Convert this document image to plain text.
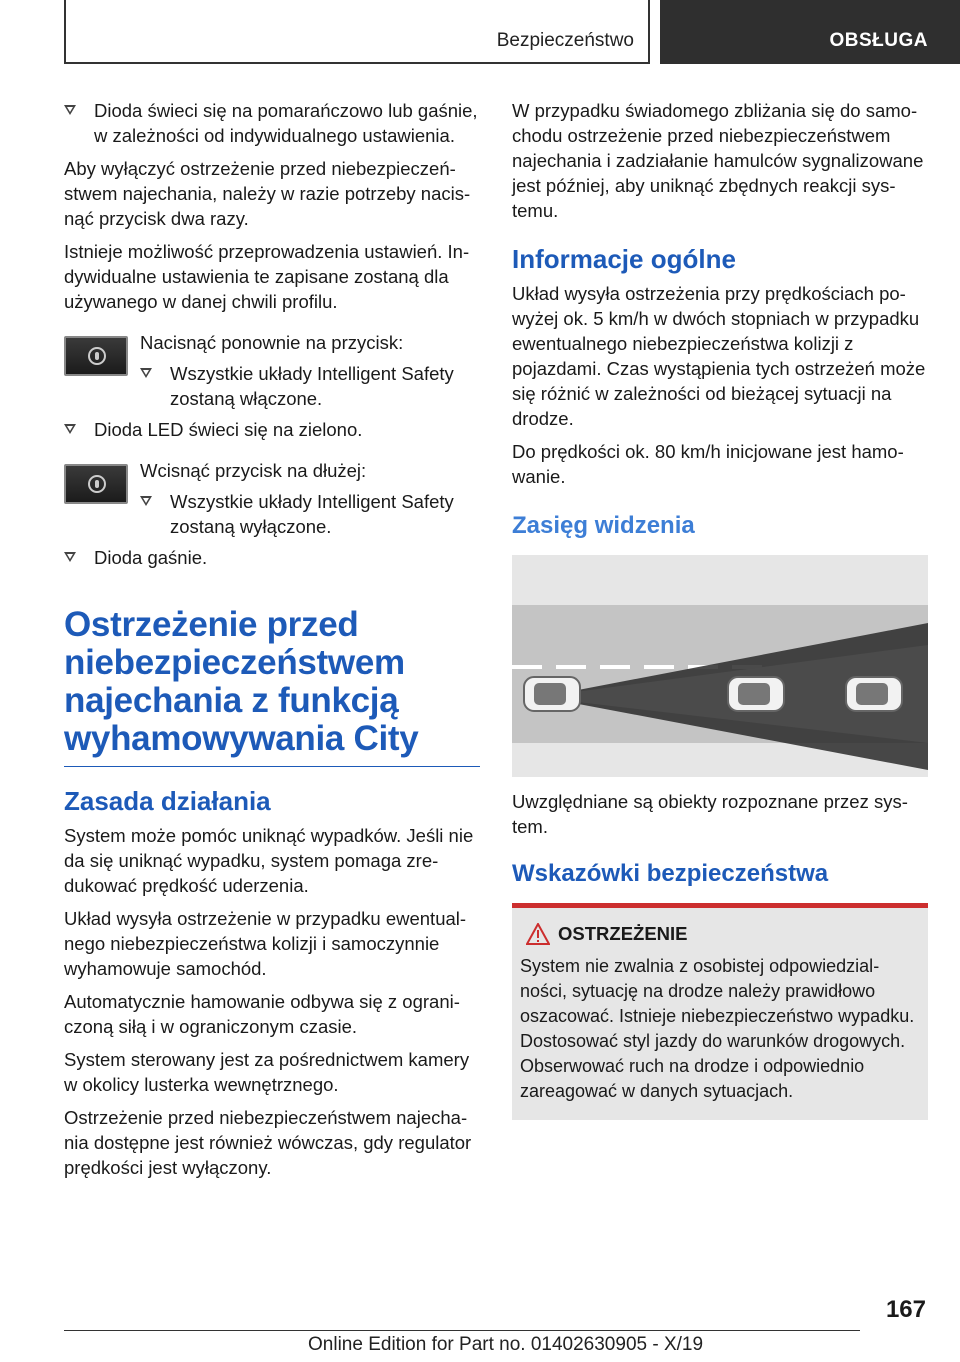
Bezpieczeństwo	OBSŁUGA
Dioda świeci się na pomarańczowo lub gaśnie, w zależności od indywidualnego ustawienia.

Aby wyłączyć ostrzeżenie przed niebezpieczeństwem najechania, należy w razie potrzeby nacisnąć przycisk dwa razy.

Istnieje możliwość przeprowadzenia ustawień. Indywidualne ustawienia te zapisane zostaną dla używanego w danej chwili profilu.

Nacisnąć ponownie na przycisk:

Wszystkie układy Intelligent Safety zostaną włączone.
Dioda LED świeci się na zielono.

Wcisnąć przycisk na dłużej:

Wszystkie układy Intelligent Safety zostaną wyłączone.
Dioda gaśnie.
Ostrzeżenie przed niebezpieczeństwem najechania z funkcją wyhamowywania City
Zasada działania

System może pomóc uniknąć wypadków. Jeśli nie da się uniknąć wypadku, system pomaga zredukować prędkość uderzenia.

Układ wysyła ostrzeżenie w przypadku ewentualnego niebezpieczeństwa kolizji i samoczynnie wyhamowuje samochód.

Automatycznie hamowanie odbywa się z ograniczoną siłą i w ograniczonym czasie.

System sterowany jest za pośrednictwem kamery w okolicy lusterka wewnętrznego.

Ostrzeżenie przed niebezpieczeństwem najechania dostępne jest również wówczas, gdy regulator prędkości jest wyłączony.

W przypadku świadomego zbliżania się do samochodu ostrzeżenie przed niebezpieczeństwem najechania i zadziałanie hamulców sygnalizowane jest później, aby uniknąć zbędnych reakcji systemu.

Informacje ogólne

Układ wysyła ostrzeżenia przy prędkościach powyżej ok. 5 km/h w dwóch stopniach w przypadku ewentualnego niebezpieczeństwa kolizji z pojazdami. Czas wystąpienia tych ostrzeżeń może się różnić w zależności od bieżącej sytuacji na drodze.

Do prędkości ok. 80 km/h inicjowane jest hamowanie.

Zasięg widzenia

Uwzględniane są obiekty rozpoznane przez system.

Wskazówki bezpieczeństwa
OSTRZEŻENIE

System nie zwalnia z osobistej odpowiedzialności, sytuację na drodze należy prawidłowo oszacować. Istnieje niebezpieczeństwo wypadku. Dostosować styl jazdy do warunków drogowych. Obserwować ruch na drodze i odpowiednio zareagować w danych sytuacjach.

167
Online Edition for Part no. 01402630905 - X/19
